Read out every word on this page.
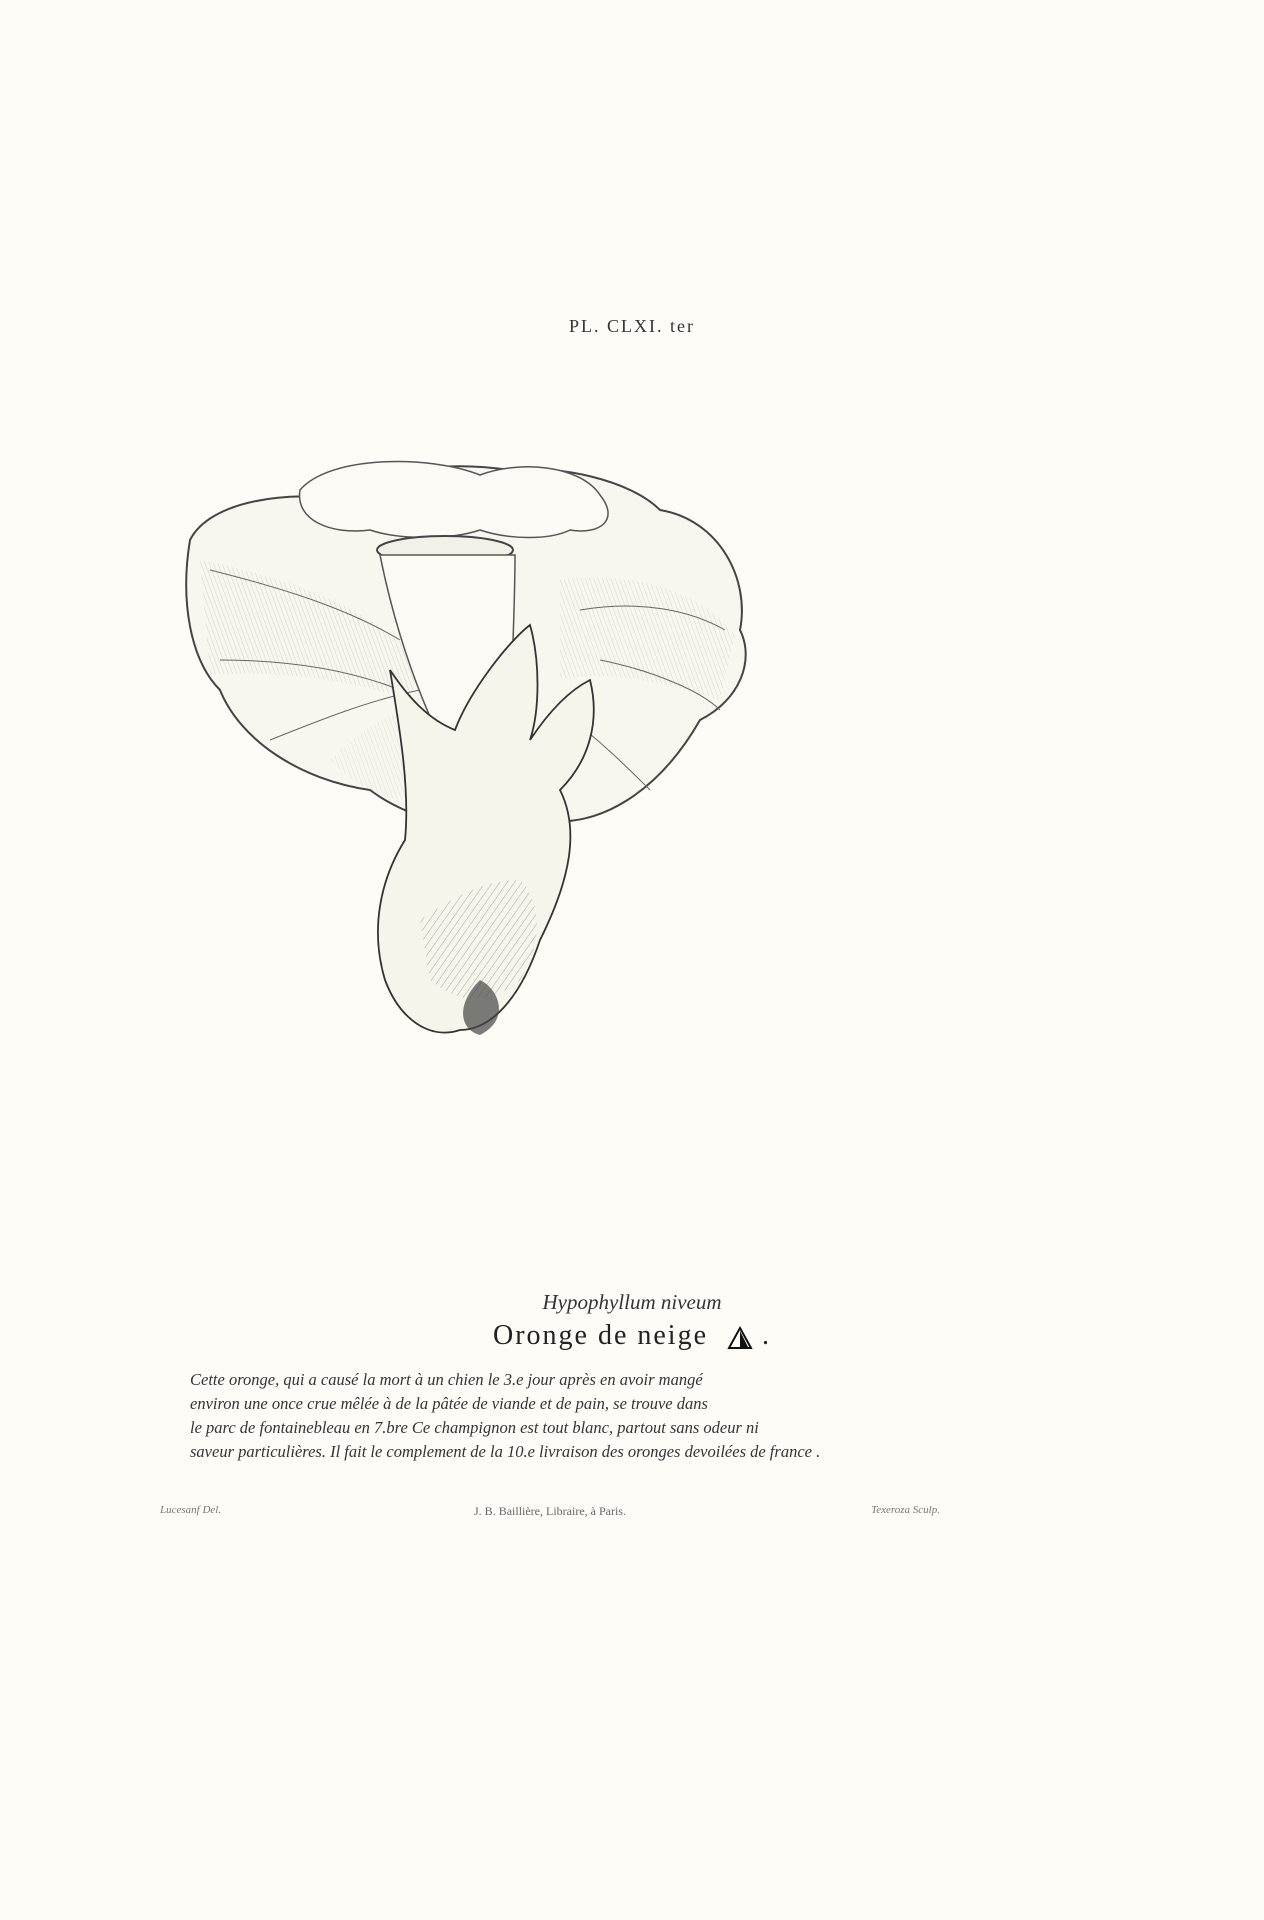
PL. CLXI. ter
Hypophyllum niveum
Oronge de neige .
Cette oronge, qui a causé la mort à un chien le 3.e jour après en avoir mangé
environ une once crue mêlée à de la pâtée de viande et de pain, se trouve dans
le parc de fontainebleau en 7.bre Ce champignon est tout blanc, partout sans odeur ni
saveur particulières. Il fait le complement de la 10.e livraison des oronges devoilées de france .
Lucesanf Del.	J. B. Baillière, Libraire, à Paris.	Texeroza Sculp.
